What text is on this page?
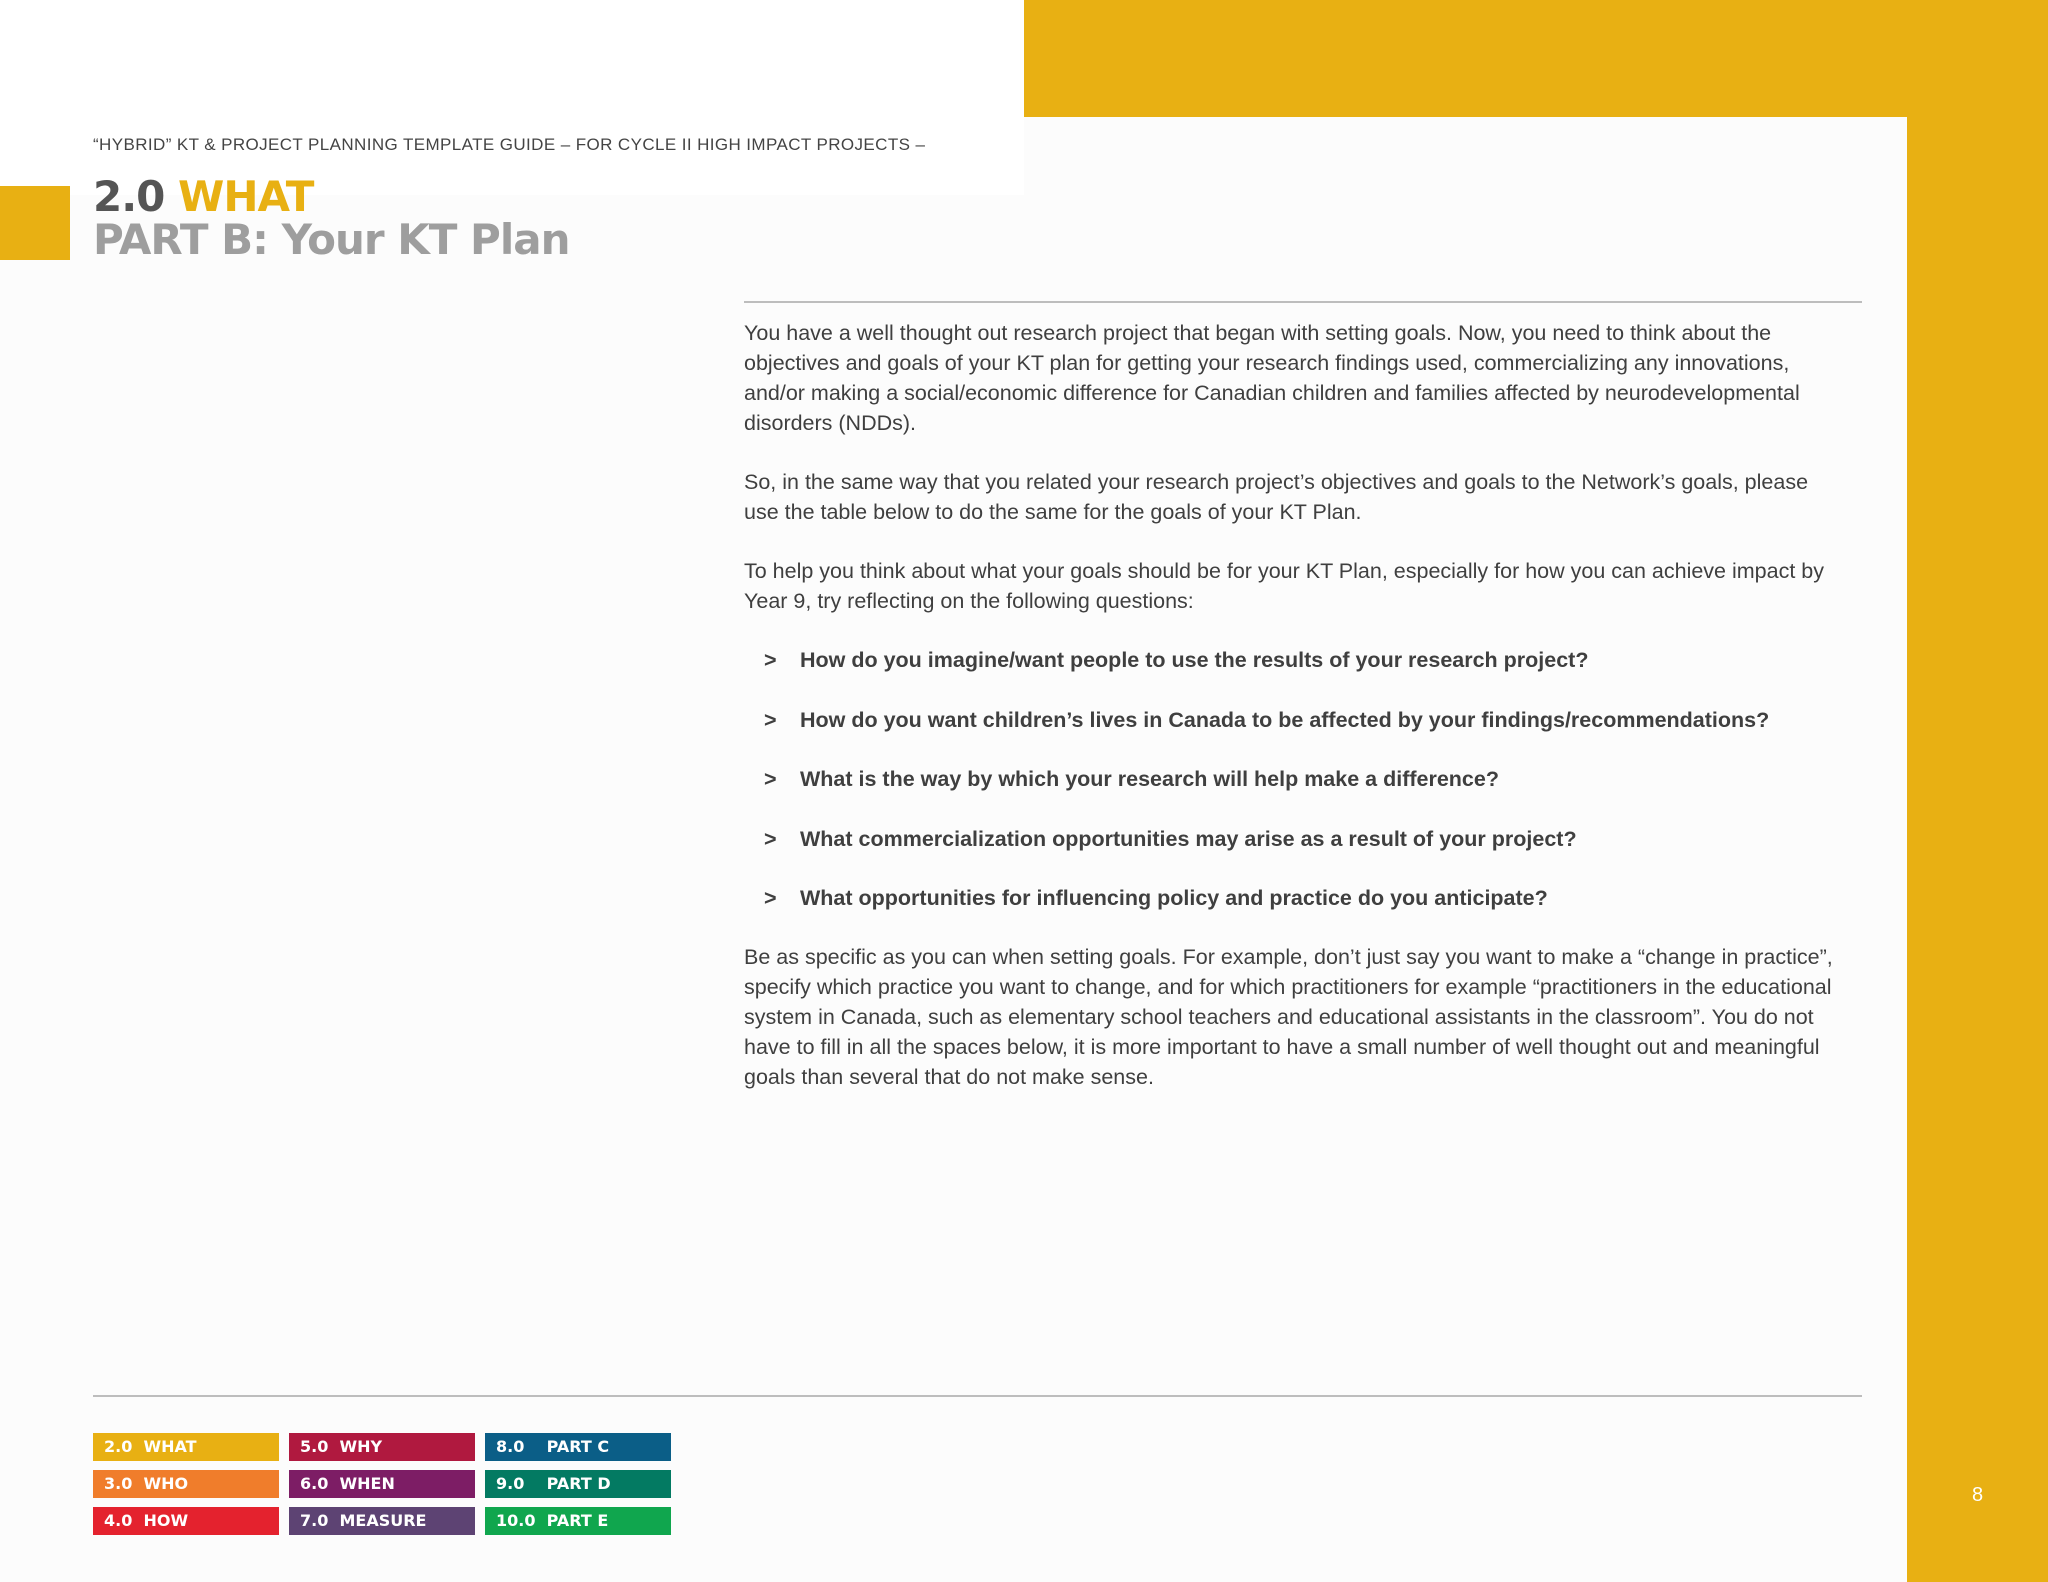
8
“HYBRID” KT & PROJECT PLANNING TEMPLATE GUIDE – FOR CYCLE II HIGH IMPACT PROJECTS –
2.0 WHAT
PART B: Your KT Plan

You have a well thought out research project that began with setting goals. Now, you need to think about the objectives and goals of your KT plan for getting your research findings used, commercializing any innovations, and/or making a social/economic difference for Canadian children and families affected by neurodevelopmental disorders (NDDs).

So, in the same way that you related your research project’s objectives and goals to the Network’s goals, please use the table below to do the same for the goals of your KT Plan.

To help you think about what your goals should be for your KT Plan, especially for how you can achieve impact by Year 9, try reflecting on the following questions:

>	How do you imagine/want people to use the results of your research project?
>	How do you want children’s lives in Canada to be affected by your findings/recommendations?
>	What is the way by which your research will help make a difference?
>	What commercialization opportunities may arise as a result of your project?
>	What opportunities for influencing policy and practice do you anticipate?

Be as specific as you can when setting goals. For example, don’t just say you want to make a “change in practice”, specify which practice you want to change, and for which practitioners for example “practitioners in the educational system in Canada, such as elementary school teachers and educational assistants in the classroom”. You do not have to fill in all the spaces below, it is more important to have a small number of well thought out and meaningful goals than several that do not make sense.

2.0  WHAT	5.0  WHY	8.0    PART C
3.0  WHO	6.0  WHEN	9.0    PART D
4.0  HOW	7.0  MEASURE	10.0  PART E
